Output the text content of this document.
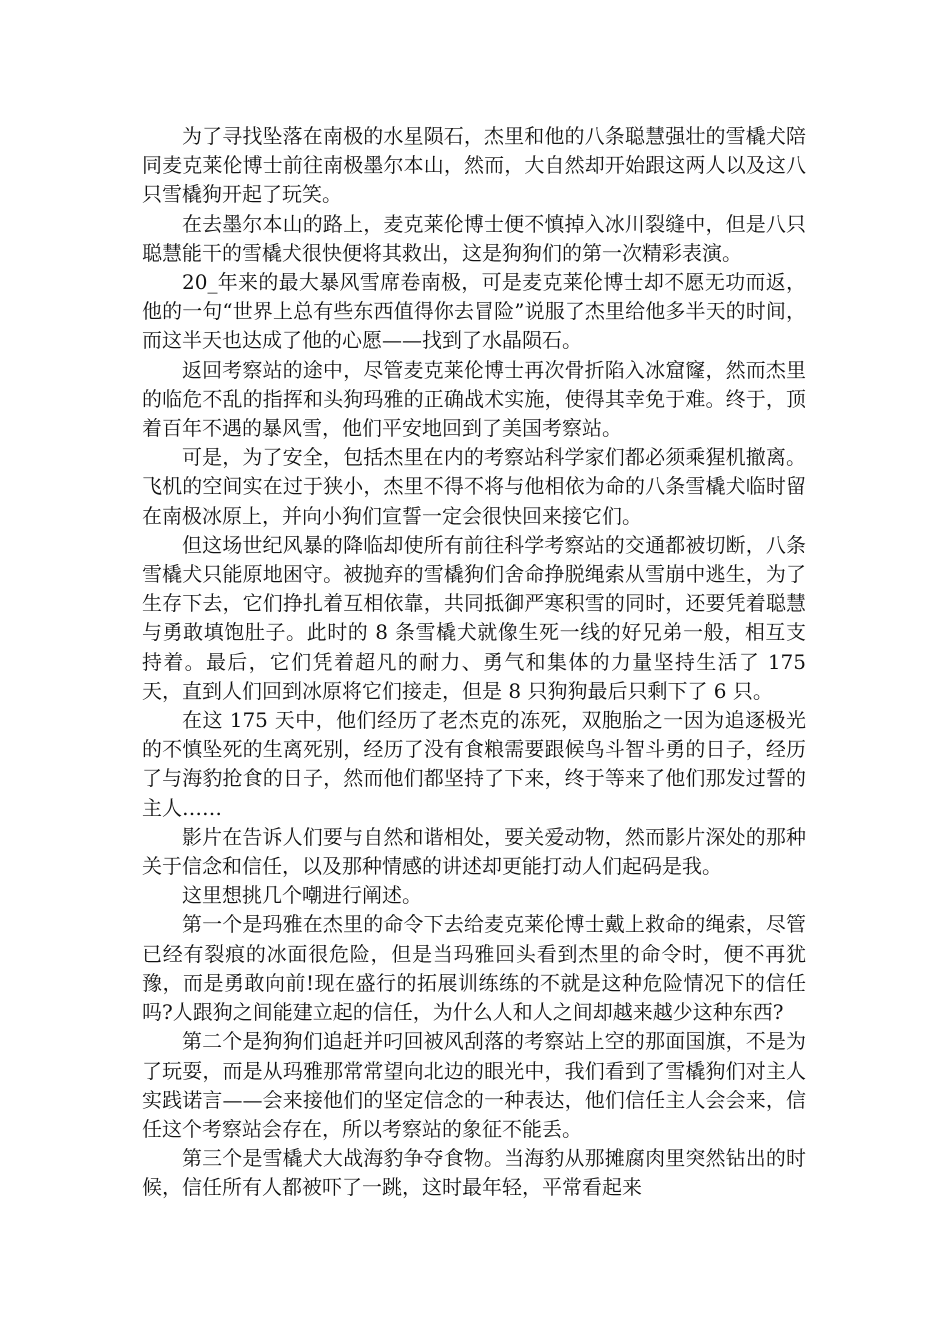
为了寻找坠落在南极的水星陨石，杰里和他的八条聪慧强壮的雪橇犬陪同麦克莱伦博士前往南极墨尔本山，然而，大自然却开始跟这两人以及这八只雪橇狗开起了玩笑。

在去墨尔本山的路上，麦克莱伦博士便不慎掉入冰川裂缝中，但是八只聪慧能干的雪橇犬很快便将其救出，这是狗狗们的第一次精彩表演。

20_年来的最大暴风雪席卷南极，可是麦克莱伦博士却不愿无功而返，他的一句“世界上总有些东西值得你去冒险”说服了杰里给他多半天的时间，而这半天也达成了他的心愿——找到了水晶陨石。

返回考察站的途中，尽管麦克莱伦博士再次骨折陷入冰窟窿，然而杰里的临危不乱的指挥和头狗玛雅的正确战术实施，使得其幸免于难。终于，顶着百年不遇的暴风雪，他们平安地回到了美国考察站。

可是，为了安全，包括杰里在内的考察站科学家们都必须乘猩机撤离。飞机的空间实在过于狭小，杰里不得不将与他相依为命的八条雪橇犬临时留在南极冰原上，并向小狗们宣誓一定会很快回来接它们。

但这场世纪风暴的降临却使所有前往科学考察站的交通都被切断，八条雪橇犬只能原地困守。被抛弃的雪橇狗们舍命挣脱绳索从雪崩中逃生，为了生存下去，它们挣扎着互相依靠，共同抵御严寒积雪的同时，还要凭着聪慧与勇敢填饱肚子。此时的 8 条雪橇犬就像生死一线的好兄弟一般，相互支持着。最后，它们凭着超凡的耐力、勇气和集体的力量坚持生活了 175 天，直到人们回到冰原将它们接走，但是 8 只狗狗最后只剩下了 6 只。

在这 175 天中，他们经历了老杰克的冻死，双胞胎之一因为追逐极光的不慎坠死的生离死别，经历了没有食粮需要跟候鸟斗智斗勇的日子，经历了与海豹抢食的日子，然而他们都坚持了下来，终于等来了他们那发过誓的主人……

影片在告诉人们要与自然和谐相处，要关爱动物，然而影片深处的那种关于信念和信任，以及那种情感的讲述却更能打动人们起码是我。

这里想挑几个嘲进行阐述。

第一个是玛雅在杰里的命令下去给麦克莱伦博士戴上救命的绳索，尽管已经有裂痕的冰面很危险，但是当玛雅回头看到杰里的命令时，便不再犹豫，而是勇敢向前!现在盛行的拓展训练练的不就是这种危险情况下的信任吗?人跟狗之间能建立起的信任，为什么人和人之间却越来越少这种东西?

第二个是狗狗们追赶并叼回被风刮落的考察站上空的那面国旗，不是为了玩耍，而是从玛雅那常常望向北边的眼光中，我们看到了雪橇狗们对主人实践诺言——会来接他们的坚定信念的一种表达，他们信任主人会会来，信任这个考察站会存在，所以考察站的象征不能丢。

第三个是雪橇犬大战海豹争夺食物。当海豹从那摊腐肉里突然钻出的时候，信任所有人都被吓了一跳，这时最年轻，平常看起来
